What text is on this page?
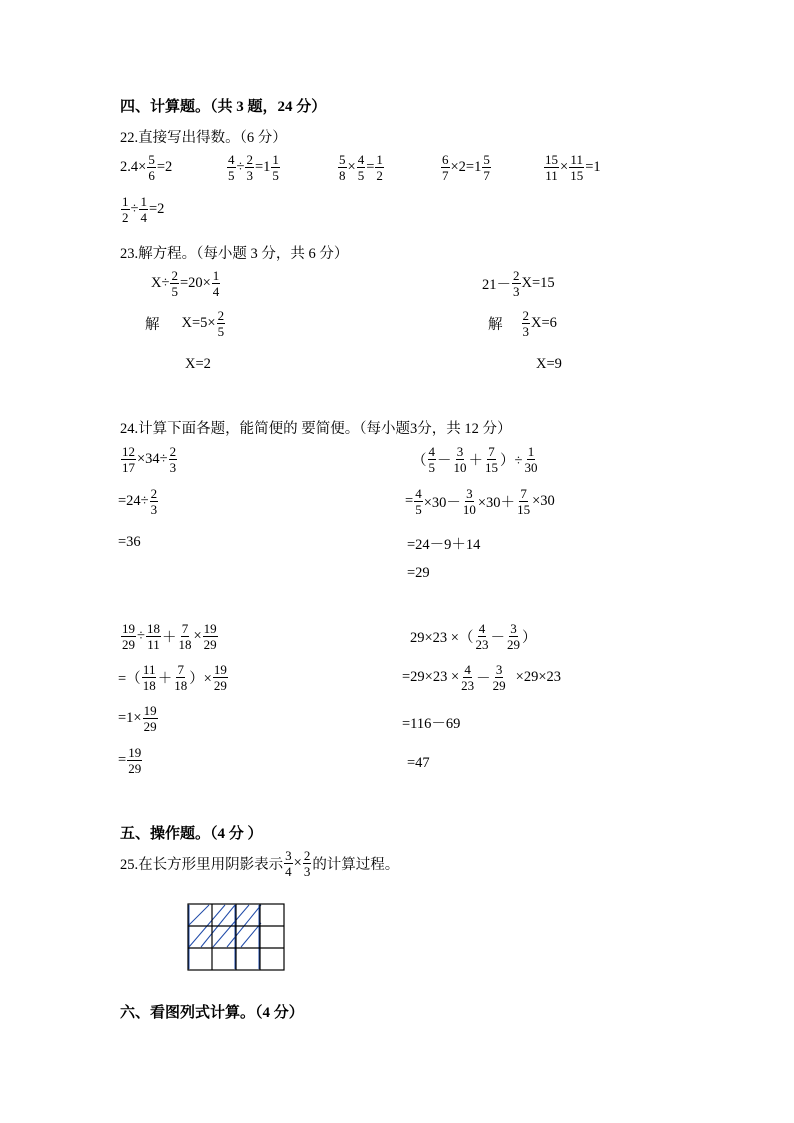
四、计算题。（共 3 题，24 分）
22.直接写出得数。（6 分）
$2.4\times \frac{5}{6} =2$	$\frac{4}{5} \div \frac{2}{3} =1 \frac{1}{5}$	$\frac{5}{8} \times \frac{4}{5} = \frac{1}{2}$	$\frac{6}{7} \times 2=1 \frac{5}{7}$	$\frac{15}{11} \times \frac{11}{15} =1$
$\frac{1}{2} \div \frac{1}{4} =2$
23.解方程。（每小题 3 分，共 6 分）
$X\div \frac{2}{5} =20\times \frac{1}{4}$
解 $X=5\times \frac{2}{5}$
X=2
$21- \frac{2}{3} X=15$
解 $\frac{2}{3} X=6$
X=9
24.计算下面各题，能简便的 要简便。（每小题3分，共 12 分）
$\frac{12}{17} \times 34\div \frac{2}{3}$
$=24\div \frac{2}{3}$
=36
（ $\frac{4}{5} - \frac{3}{10} + \frac{7}{15}$ ）÷ $\frac{1}{30}$
= $\frac{4}{5} \times 30- \frac{3}{10} \times 30+ \frac{7}{15} \times 30$
=24－9＋14
=29
$\frac{19}{29} \div \frac{18}{11} + \frac{7}{18} \times \frac{19}{29}$
=（ $\frac{11}{18} + \frac{7}{18}$ ）× $\frac{19}{29}$
$=1\times \frac{19}{29}$
= $\frac{19}{29}$
29×23 ×（ $\frac{4}{23} - \frac{3}{29}$ ）
$=29\times 23 \times \frac{4}{23} - \frac{3}{29} \times 29\times 23$
=116－69
=47
五、操作题。（4 分 ）
25.在长方形里用阴影表示 $\frac{3}{4} \times \frac{2}{3}$ 的计算过程。
六、看图列式计算。（4 分）
